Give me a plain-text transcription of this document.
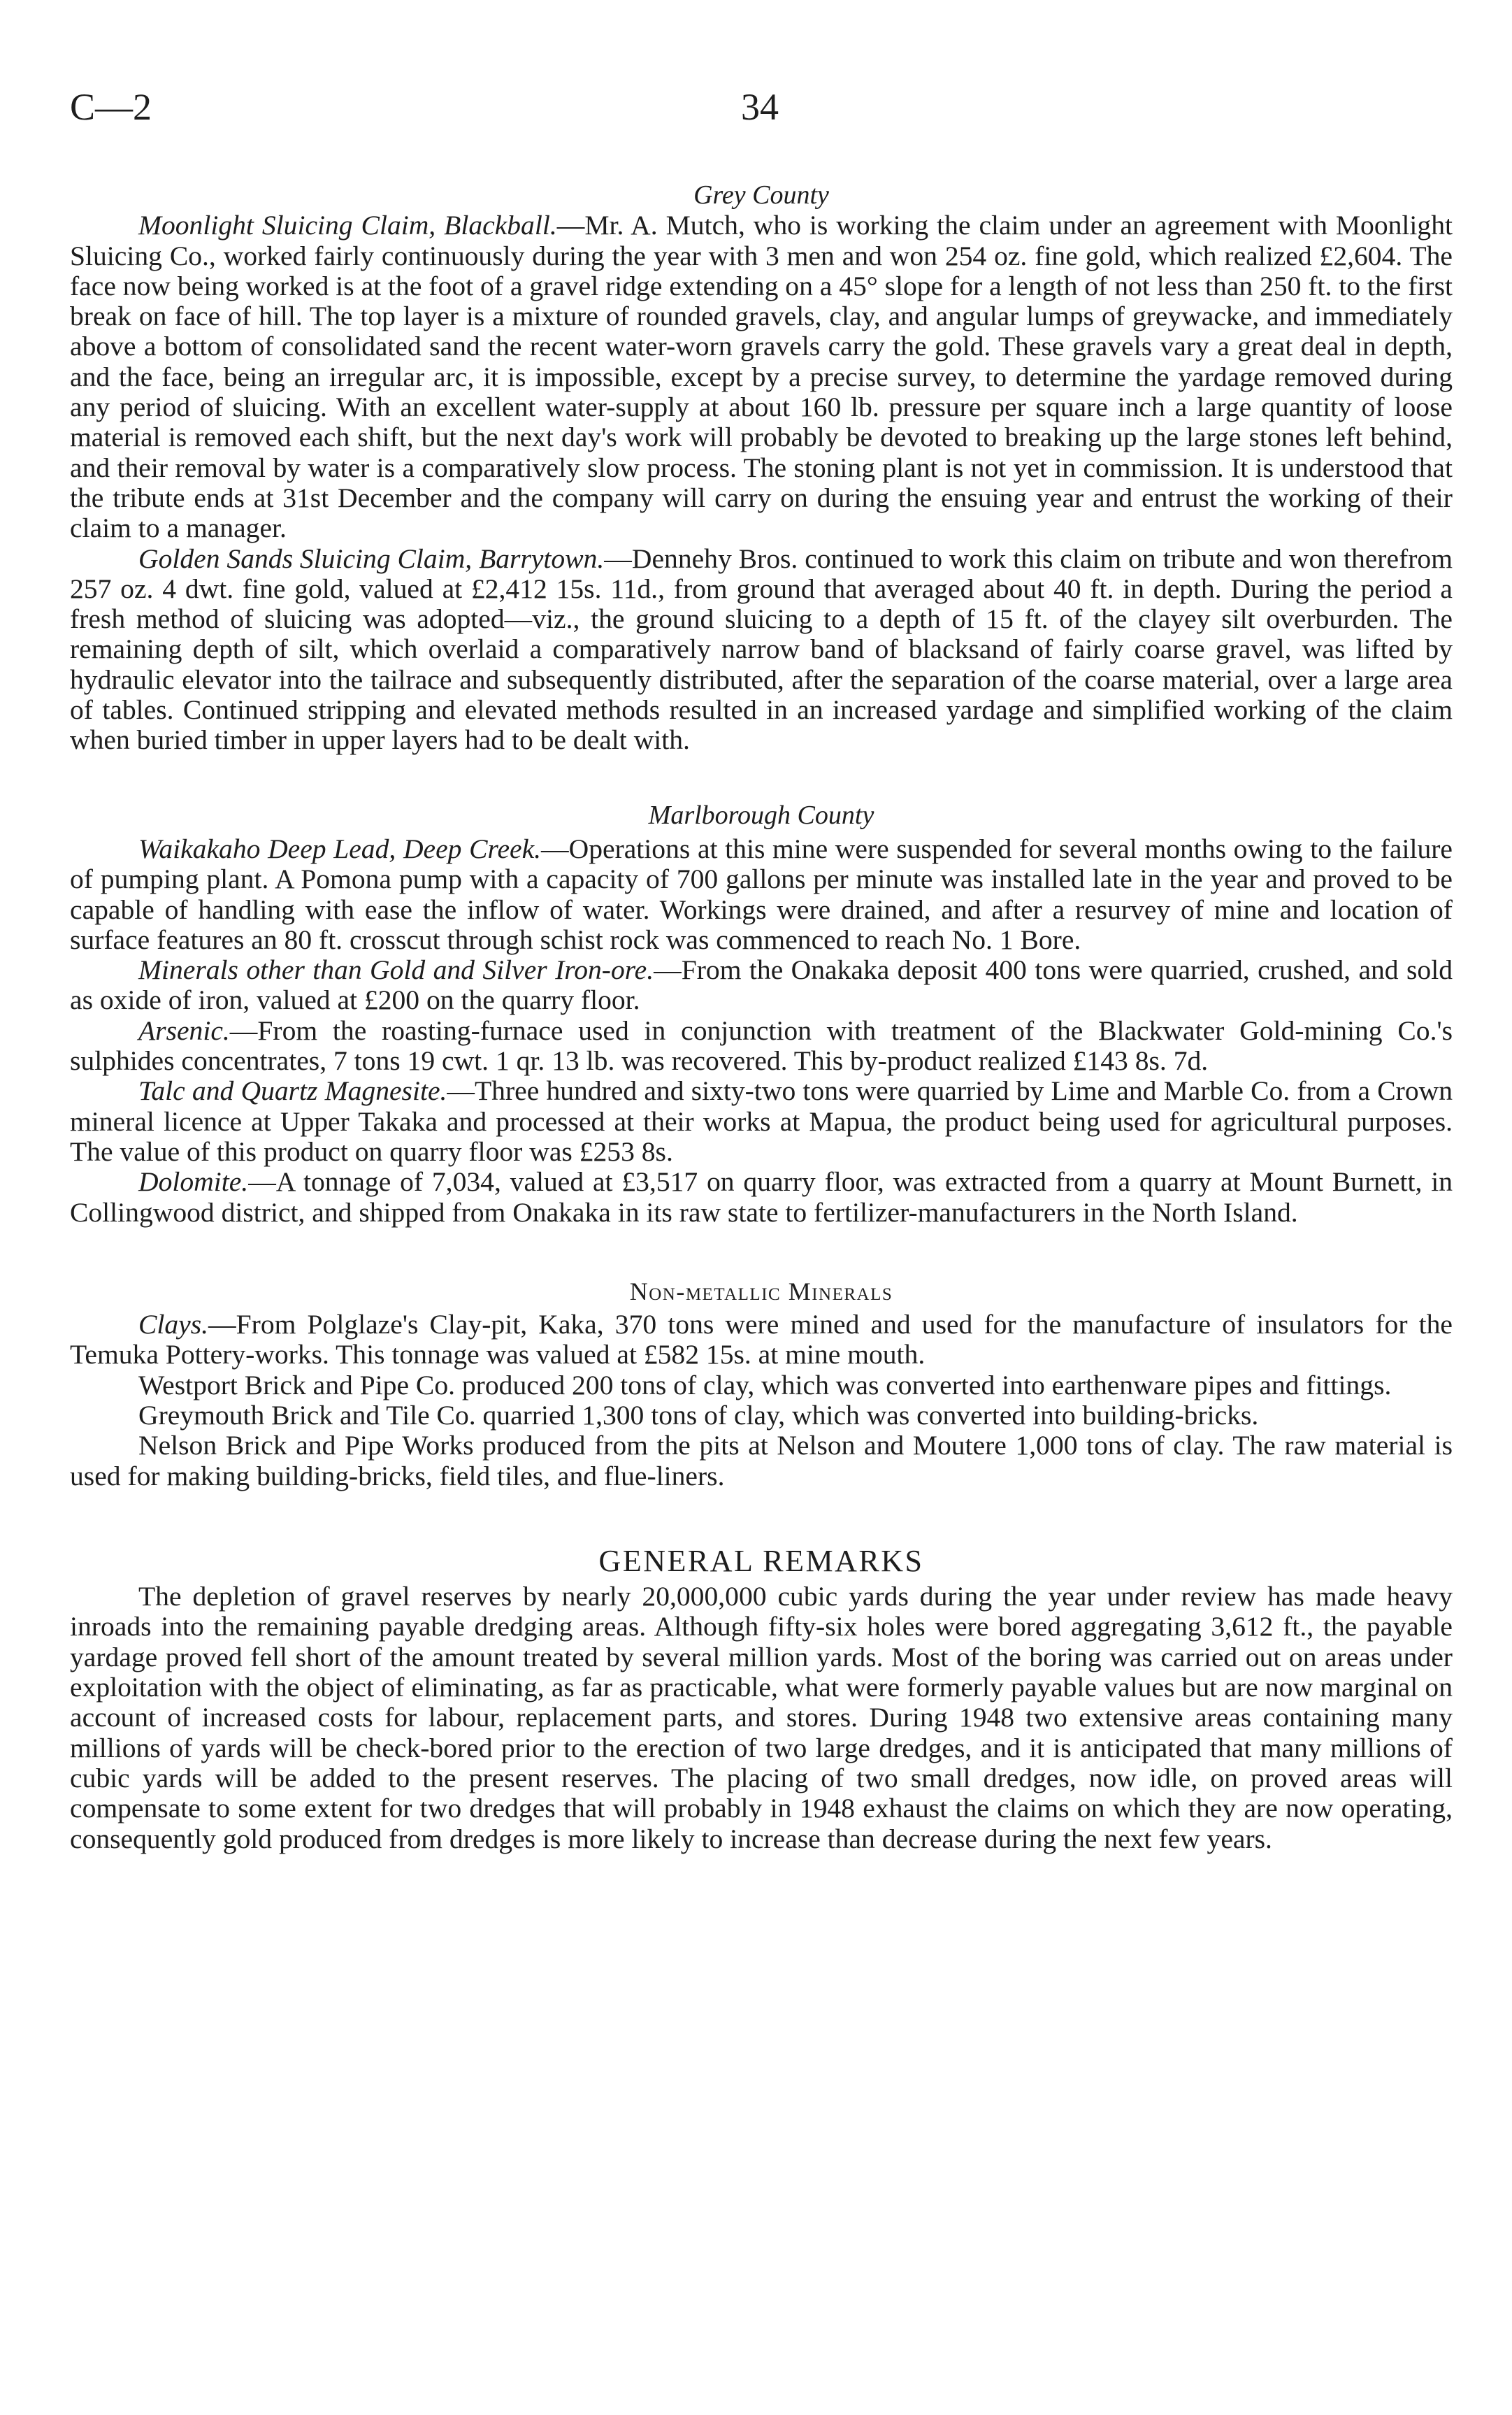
C—2	34
Grey County

Moonlight Sluicing Claim, Blackball.—Mr. A. Mutch, who is working the claim under an agreement with Moonlight Sluicing Co., worked fairly continuously during the year with 3 men and won 254 oz. fine gold, which realized £2,604. The face now being worked is at the foot of a gravel ridge extending on a 45° slope for a length of not less than 250 ft. to the first break on face of hill. The top layer is a mixture of rounded gravels, clay, and angular lumps of greywacke, and immediately above a bottom of consolidated sand the recent water-worn gravels carry the gold. These gravels vary a great deal in depth, and the face, being an irregular arc, it is impossible, except by a precise survey, to determine the yardage removed during any period of sluicing. With an excellent water-supply at about 160 lb. pressure per square inch a large quantity of loose material is removed each shift, but the next day's work will probably be devoted to breaking up the large stones left behind, and their removal by water is a comparatively slow process. The stoning plant is not yet in commission. It is understood that the tribute ends at 31st December and the company will carry on during the ensuing year and entrust the working of their claim to a manager.

Golden Sands Sluicing Claim, Barrytown.—Dennehy Bros. continued to work this claim on tribute and won therefrom 257 oz. 4 dwt. fine gold, valued at £2,412 15s. 11d., from ground that averaged about 40 ft. in depth. During the period a fresh method of sluicing was adopted—viz., the ground sluicing to a depth of 15 ft. of the clayey silt overburden. The remaining depth of silt, which overlaid a comparatively narrow band of blacksand of fairly coarse gravel, was lifted by hydraulic elevator into the tailrace and subsequently distributed, after the separation of the coarse material, over a large area of tables. Continued stripping and elevated methods resulted in an increased yardage and simplified working of the claim when buried timber in upper layers had to be dealt with.

Marlborough County

Waikakaho Deep Lead, Deep Creek.—Operations at this mine were suspended for several months owing to the failure of pumping plant. A Pomona pump with a capacity of 700 gallons per minute was installed late in the year and proved to be capable of handling with ease the inflow of water. Workings were drained, and after a resurvey of mine and location of surface features an 80 ft. crosscut through schist rock was commenced to reach No. 1 Bore.

Minerals other than Gold and Silver Iron-ore.—From the Onakaka deposit 400 tons were quarried, crushed, and sold as oxide of iron, valued at £200 on the quarry floor.

Arsenic.—From the roasting-furnace used in conjunction with treatment of the Blackwater Gold-mining Co.'s sulphides concentrates, 7 tons 19 cwt. 1 qr. 13 lb. was recovered. This by-product realized £143 8s. 7d.

Talc and Quartz Magnesite.—Three hundred and sixty-two tons were quarried by Lime and Marble Co. from a Crown mineral licence at Upper Takaka and processed at their works at Mapua, the product being used for agricultural purposes. The value of this product on quarry floor was £253 8s.

Dolomite.—A tonnage of 7,034, valued at £3,517 on quarry floor, was extracted from a quarry at Mount Burnett, in Collingwood district, and shipped from Onakaka in its raw state to fertilizer-manufacturers in the North Island.

Non-metallic Minerals

Clays.—From Polglaze's Clay-pit, Kaka, 370 tons were mined and used for the manufacture of insulators for the Temuka Pottery-works. This tonnage was valued at £582 15s. at mine mouth.

Westport Brick and Pipe Co. produced 200 tons of clay, which was converted into earthenware pipes and fittings.

Greymouth Brick and Tile Co. quarried 1,300 tons of clay, which was converted into building-bricks.

Nelson Brick and Pipe Works produced from the pits at Nelson and Moutere 1,000 tons of clay. The raw material is used for making building-bricks, field tiles, and flue-liners.

GENERAL REMARKS

The depletion of gravel reserves by nearly 20,000,000 cubic yards during the year under review has made heavy inroads into the remaining payable dredging areas. Although fifty-six holes were bored aggregating 3,612 ft., the payable yardage proved fell short of the amount treated by several million yards. Most of the boring was carried out on areas under exploitation with the object of eliminating, as far as practicable, what were formerly payable values but are now marginal on account of increased costs for labour, replacement parts, and stores. During 1948 two extensive areas containing many millions of yards will be check-bored prior to the erection of two large dredges, and it is anticipated that many millions of cubic yards will be added to the present reserves. The placing of two small dredges, now idle, on proved areas will compensate to some extent for two dredges that will probably in 1948 exhaust the claims on which they are now operating, consequently gold produced from dredges is more likely to increase than decrease during the next few years.
